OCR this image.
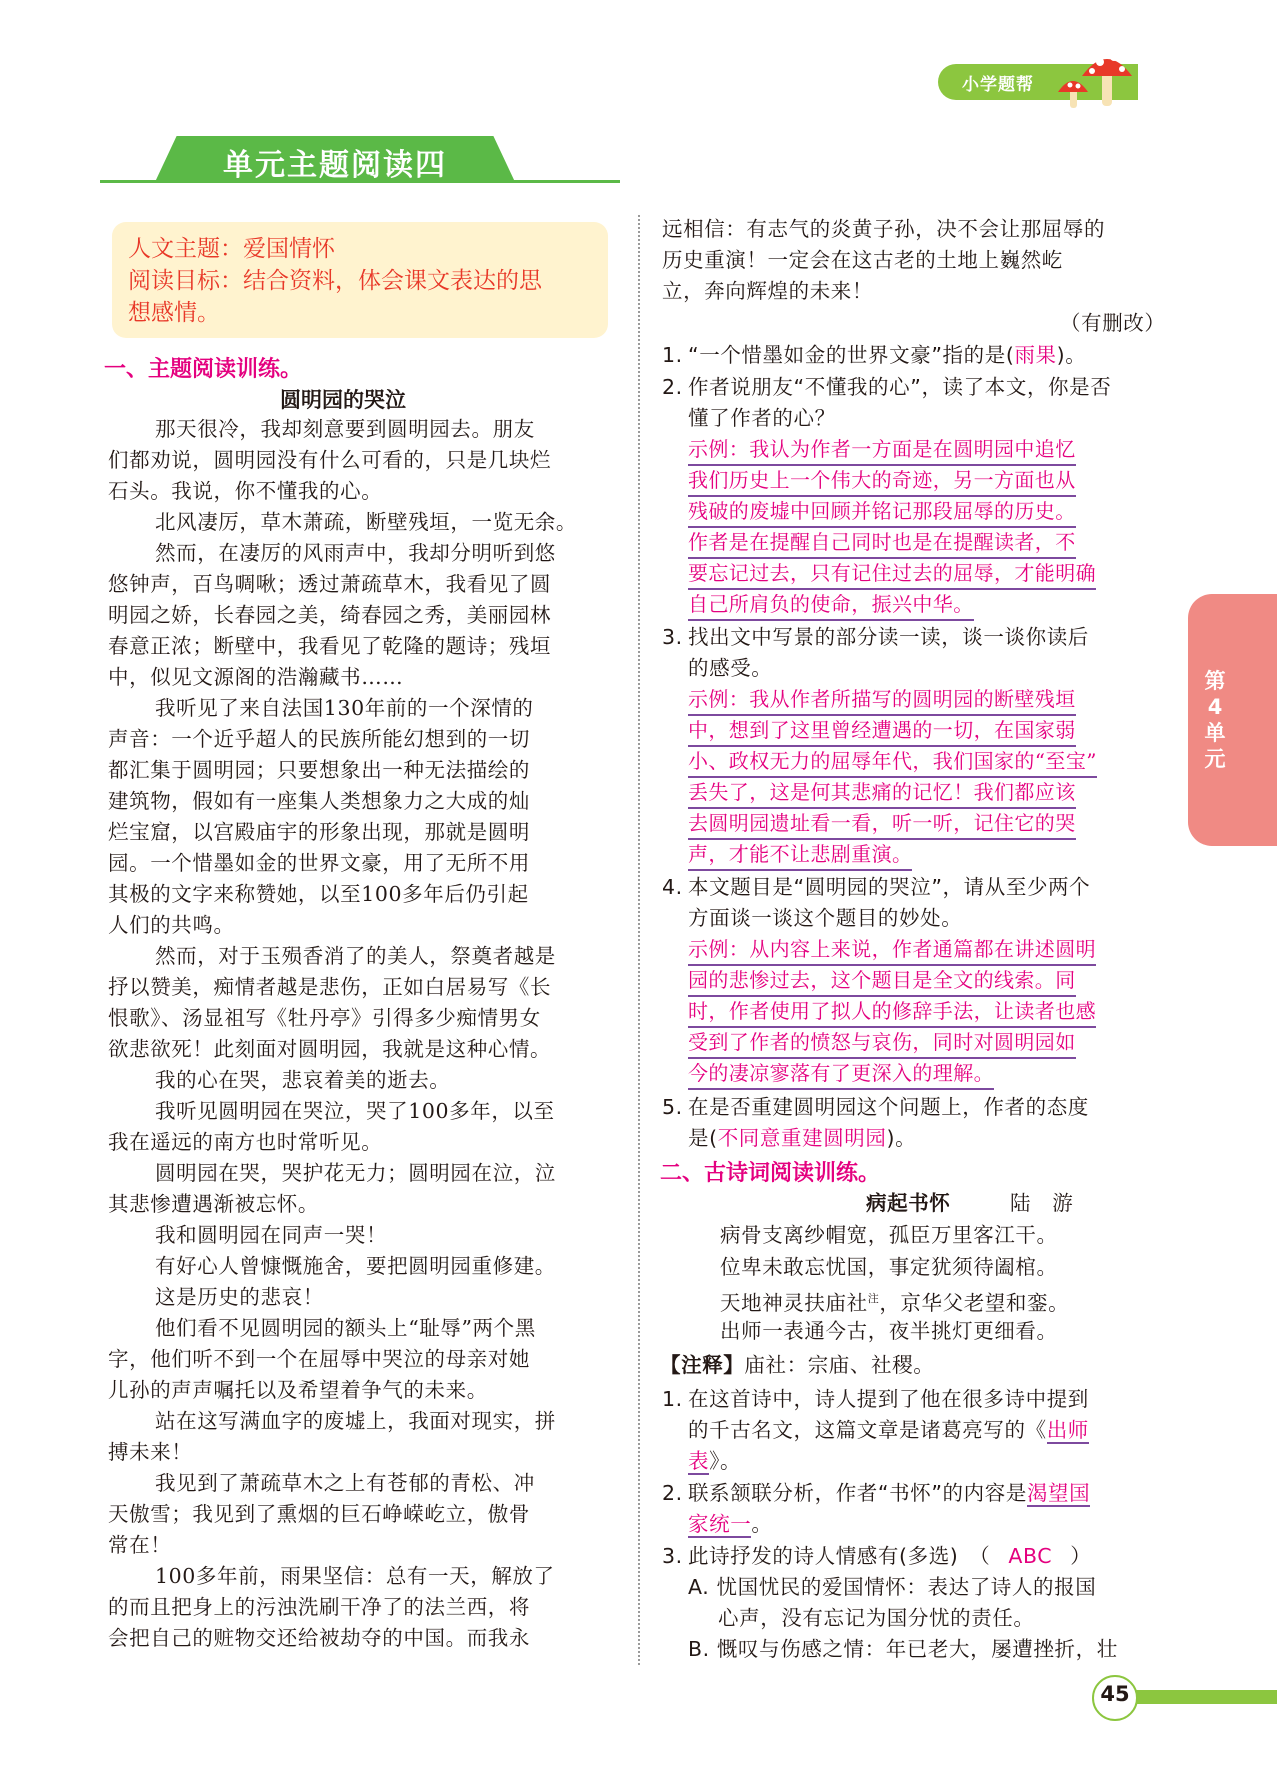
小学题帮
单元主题阅读四
人文主题：爱国情怀
阅读目标：结合资料，体会课文表达的思
想感情。
一、主题阅读训练。
圆明园的哭泣
那天很冷，我却刻意要到圆明园去。朋友
们都劝说，圆明园没有什么可看的，只是几块烂
石头。我说，你不懂我的心。
北风凄厉，草木萧疏，断壁残垣，一览无余。
然而，在凄厉的风雨声中，我却分明听到悠
悠钟声，百鸟啁啾；透过萧疏草木，我看见了圆
明园之娇，长春园之美，绮春园之秀，美丽园林
春意正浓；断壁中，我看见了乾隆的题诗；残垣
中，似见文源阁的浩瀚藏书……
我听见了来自法国130年前的一个深情的
声音：一个近乎超人的民族所能幻想到的一切
都汇集于圆明园；只要想象出一种无法描绘的
建筑物，假如有一座集人类想象力之大成的灿
烂宝窟，以宫殿庙宇的形象出现，那就是圆明
园。一个惜墨如金的世界文豪，用了无所不用
其极的文字来称赞她，以至100多年后仍引起
人们的共鸣。
然而，对于玉殒香消了的美人，祭奠者越是
抒以赞美，痴情者越是悲伤，正如白居易写《长
恨歌》、汤显祖写《牡丹亭》引得多少痴情男女
欲悲欲死！此刻面对圆明园，我就是这种心情。
我的心在哭，悲哀着美的逝去。
我听见圆明园在哭泣，哭了100多年，以至
我在遥远的南方也时常听见。
圆明园在哭，哭护花无力；圆明园在泣，泣
其悲惨遭遇渐被忘怀。
我和圆明园在同声一哭！
有好心人曾慷慨施舍，要把圆明园重修建。
这是历史的悲哀！
他们看不见圆明园的额头上“耻辱”两个黑
字，他们听不到一个在屈辱中哭泣的母亲对她
儿孙的声声嘱托以及希望着争气的未来。
站在这写满血字的废墟上，我面对现实，拼
搏未来！
我见到了萧疏草木之上有苍郁的青松、冲
天傲雪；我见到了熏烟的巨石峥嵘屹立，傲骨
常在！
100多年前，雨果坚信：总有一天，解放了
的而且把身上的污浊洗刷干净了的法兰西，将
会把自己的赃物交还给被劫夺的中国。而我永
远相信：有志气的炎黄子孙，决不会让那屈辱的
历史重演！一定会在这古老的土地上巍然屹
立，奔向辉煌的未来！
（有删改）
1. “一个惜墨如金的世界文豪”指的是(雨果)。
2. 作者说朋友“不懂我的心”，读了本文，你是否
懂了作者的心？
示例：我认为作者一方面是在圆明园中追忆
我们历史上一个伟大的奇迹，另一方面也从
残破的废墟中回顾并铭记那段屈辱的历史。
作者是在提醒自己同时也是在提醒读者，不
要忘记过去，只有记住过去的屈辱，才能明确
自己所肩负的使命，振兴中华。
3. 找出文中写景的部分读一读，谈一谈你读后
的感受。
示例：我从作者所描写的圆明园的断壁残垣
中，想到了这里曾经遭遇的一切，在国家弱
小、政权无力的屈辱年代，我们国家的“至宝”
丢失了，这是何其悲痛的记忆！我们都应该
去圆明园遗址看一看，听一听，记住它的哭
声，才能不让悲剧重演。
4. 本文题目是“圆明园的哭泣”，请从至少两个
方面谈一谈这个题目的妙处。
示例：从内容上来说，作者通篇都在讲述圆明
园的悲惨过去，这个题目是全文的线索。同
时，作者使用了拟人的修辞手法，让读者也感
受到了作者的愤怒与哀伤，同时对圆明园如
今的凄凉寥落有了更深入的理解。
5. 在是否重建圆明园这个问题上，作者的态度
是(不同意重建圆明园)。
二、古诗词阅读训练。
病起书怀	陆　游
病骨支离纱帽宽，孤臣万里客江干。
位卑未敢忘忧国，事定犹须待阖棺。
天地神灵扶庙社$^注$，京华父老望和銮。
出师一表通今古，夜半挑灯更细看。
【注释】庙社：宗庙、社稷。
1. 在这首诗中，诗人提到了他在很多诗中提到
的千古名文，这篇文章是诸葛亮写的《出师
表》。
2. 联系颔联分析，作者“书怀”的内容是渴望国
家统一。
3. 此诗抒发的诗人情感有(多选)　（ ABC ）
A. 忧国忧民的爱国情怀：表达了诗人的报国
心声，没有忘记为国分忧的责任。
B. 慨叹与伤感之情：年已老大，屡遭挫折，壮
第
4
单
元
45
